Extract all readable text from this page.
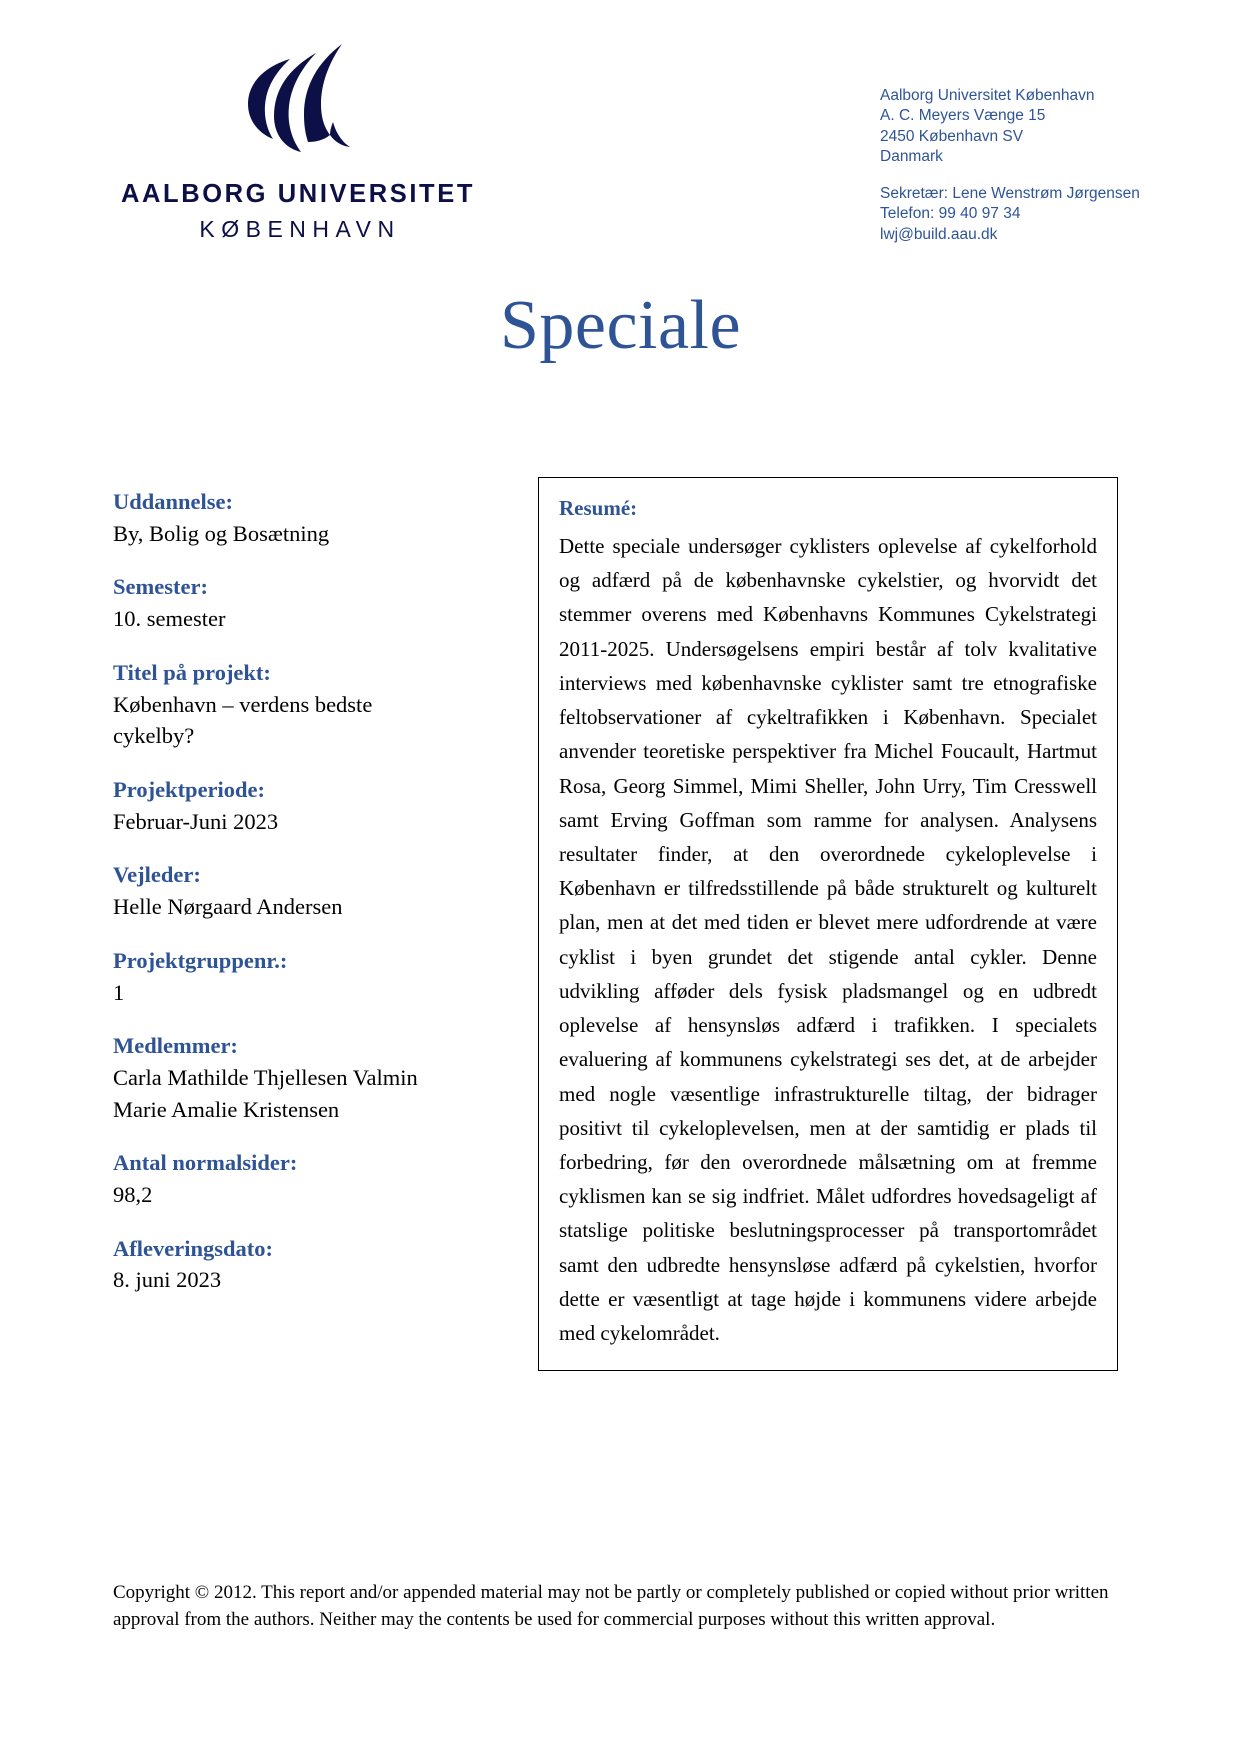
AALBORG UNIVERSITET
KØBENHAVN
Aalborg Universitet København
A. C. Meyers Vænge 15
2450 København SV
Danmark
Sekretær: Lene Wenstrøm Jørgensen
Telefon: 99 40 97 34
lwj@build.aau.dk
Speciale
Uddannelse:
By, Bolig og Bosætning
Semester:
10. semester
Titel på projekt:
København – verdens bedste cykelby?
Projektperiode:
Februar-Juni 2023
Vejleder:
Helle Nørgaard Andersen
Projektgruppenr.:
1
Medlemmer:
Carla Mathilde Thjellesen Valmin
Marie Amalie Kristensen
Antal normalsider:
98,2
Afleveringsdato:
8. juni 2023
Resumé:

Dette speciale undersøger cyklisters oplevelse af cykelforhold og adfærd på de københavnske cykelstier, og hvorvidt det stemmer overens med Københavns Kommunes Cykelstrategi 2011-2025. Undersøgelsens empiri består af tolv kvalitative interviews med københavnske cyklister samt tre etnografiske feltobservationer af cykeltrafikken i København. Specialet anvender teoretiske perspektiver fra Michel Foucault, Hartmut Rosa, Georg Simmel, Mimi Sheller, John Urry, Tim Cresswell samt Erving Goffman som ramme for analysen. Analysens resultater finder, at den overordnede cykeloplevelse i København er tilfredsstillende på både strukturelt og kulturelt plan, men at det med tiden er blevet mere udfordrende at være cyklist i byen grundet det stigende antal cykler. Denne udvikling afføder dels fysisk pladsmangel og en udbredt oplevelse af hensynsløs adfærd i trafikken. I specialets evaluering af kommunens cykelstrategi ses det, at de arbejder med nogle væsentlige infrastrukturelle tiltag, der bidrager positivt til cykeloplevelsen, men at der samtidig er plads til forbedring, før den overordnede målsætning om at fremme cyklismen kan se sig indfriet. Målet udfordres hovedsageligt af statslige politiske beslutningsprocesser på transportområdet samt den udbredte hensynsløse adfærd på cykelstien, hvorfor dette er væsentligt at tage højde i kommunens videre arbejde med cykelområdet.

Copyright © 2012. This report and/or appended material may not be partly or completely published or copied without prior written approval from the authors. Neither may the contents be used for commercial purposes without this written approval.
